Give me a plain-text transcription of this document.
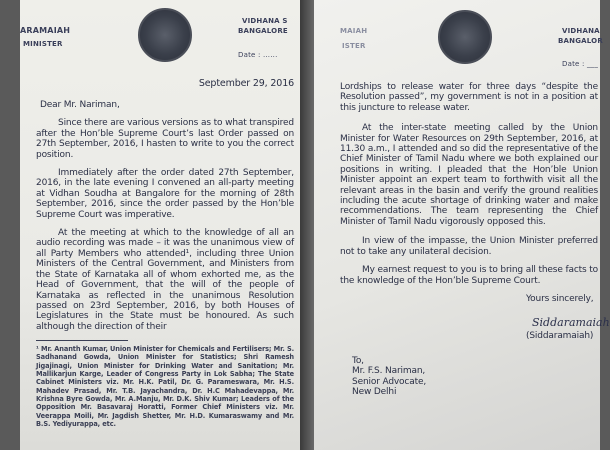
ARAMAIAH
MINISTER
VIDHANA S
BANGALORE
Date : ......
September 29, 2016
Dear Mr. Nariman,
Since there are various versions as to what transpired after the Hon’ble Supreme Court’s last Order passed on 27th September, 2016, I hasten to write to you the correct position.
Immediately after the order dated 27th September, 2016, in the late evening I convened an all-party meeting at Vidhan Soudha at Bangalore for the morning of 28th September, 2016, since the order passed by the Hon’ble Supreme Court was imperative.
At the meeting at which to the knowledge of all an audio recording was made – it was the unanimous view of all Party Members who attended¹, including three Union Ministers of the Central Government, and Ministers from the State of Karnataka all of whom exhorted me, as the Head of Government, that the will of the people of Karnataka as reflected in the unanimous Resolution passed on 23rd September, 2016, by both Houses of Legislatures in the State must be honoured. As such although the direction of their
¹ Mr. Ananth Kumar, Union Minister for Chemicals and Fertilisers; Mr. S. Sadhanand Gowda, Union Minister for Statistics; Shri Ramesh Jigajinagi, Union Minister for Drinking Water and Sanitation; Mr. Mallikarjun Karge, Leader of Congress Party in Lok Sabha; The State Cabinet Ministers viz. Mr. H.K. Patil, Dr. G. Parameswara, Mr. H.S. Mahadev Prasad, Mr. T.B. Jayachandra, Dr. H.C Mahadevappa, Mr. Krishna Byre Gowda, Mr. A.Manju, Mr. D.K. Shiv Kumar; Leaders of the Opposition Mr. Basavaraj Horatti, Former Chief Ministers viz. Mr. Veerappa Moili, Mr. Jagdish Shetter, Mr. H.D. Kumaraswamy and Mr. B.S. Yediyurappa, etc.
MAIAH
ISTER
VIDHANA
BANGALOR
Date : ___
Lordships to release water for three days “despite the Resolution passed”, my government is not in a position at this juncture to release water.
At the inter-state meeting called by the Union Minister for Water Resources on 29th September, 2016, at 11.30 a.m., I attended and so did the representative of the Chief Minister of Tamil Nadu where we both explained our positions in writing. I pleaded that the Hon’ble Union Minister appoint an expert team to forthwith visit all the relevant areas in the basin and verify the ground realities including the acute shortage of drinking water and make recommendations. The team representing the Chief Minister of Tamil Nadu vigorously opposed this.
In view of the impasse, the Union Minister preferred not to take any unilateral decision.
My earnest request to you is to bring all these facts to the knowledge of the Hon’ble Supreme Court.
Yours sincerely,
Siddaramaiah
(Siddaramaiah)
To,
Mr. F.S. Nariman,
Senior Advocate,
New Delhi
